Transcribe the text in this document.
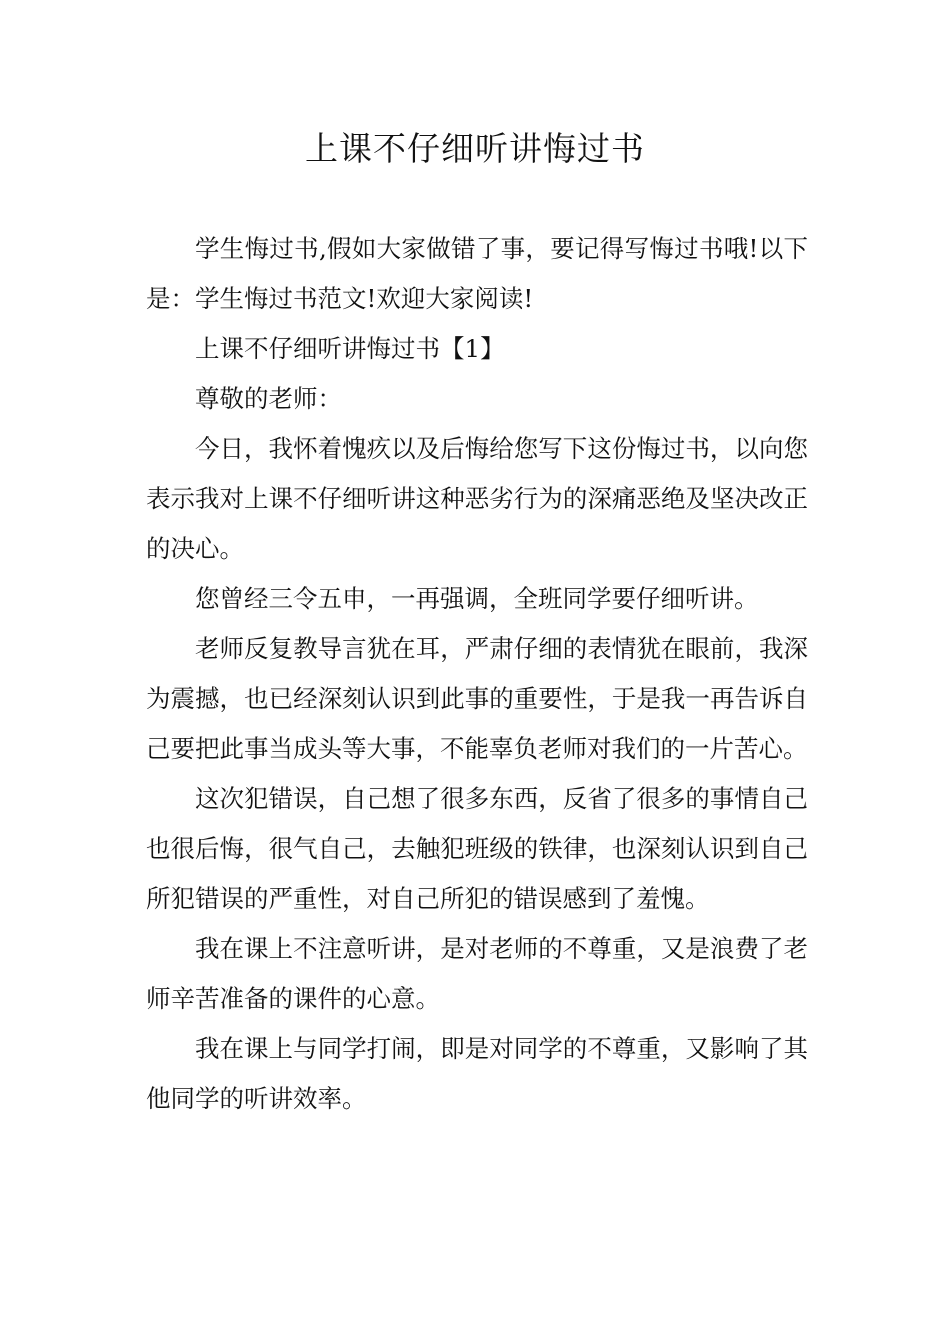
上课不仔细听讲悔过书

学生悔过书,假如大家做错了事，要记得写悔过书哦!以下是：学生悔过书范文!欢迎大家阅读!

上课不仔细听讲悔过书【1】

尊敬的老师：

今日，我怀着愧疚以及后悔给您写下这份悔过书，以向您表示我对上课不仔细听讲这种恶劣行为的深痛恶绝及坚决改正的决心。

您曾经三令五申，一再强调，全班同学要仔细听讲。

老师反复教导言犹在耳，严肃仔细的表情犹在眼前，我深为震撼，也已经深刻认识到此事的重要性，于是我一再告诉自己要把此事当成头等大事，不能辜负老师对我们的一片苦心。

这次犯错误，自己想了很多东西，反省了很多的事情自己也很后悔，很气自己，去触犯班级的铁律，也深刻认识到自己所犯错误的严重性，对自己所犯的错误感到了羞愧。

我在课上不注意听讲，是对老师的不尊重，又是浪费了老师辛苦准备的课件的心意。

我在课上与同学打闹，即是对同学的不尊重，又影响了其他同学的听讲效率。
